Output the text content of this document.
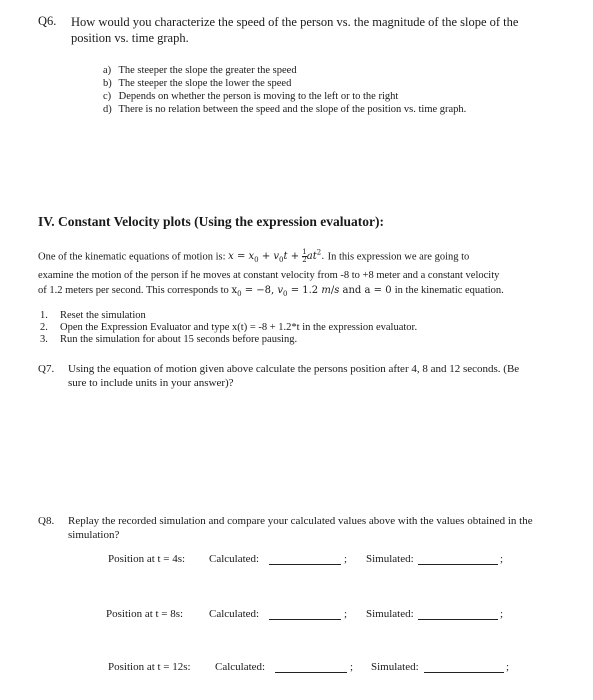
Q6. How would you characterize the speed of the person vs. the magnitude of the slope of the
position vs. time graph.
a) The steeper the slope the greater the speed
b) The steeper the slope the lower the speed
c) Depends on whether the person is moving to the left or to the right
d) There is no relation between the speed and the slope of the position vs. time graph.
IV. Constant Velocity plots (Using the expression evaluator):
One of the kinematic equations of motion is: $x = x_0 + v_0t + \frac{1}{2} at^2$. In this expression we are going to
examine the motion of the person if he moves at constant velocity from -8 to +8 meter and a constant velocity
of 1.2 meters per second. This corresponds to $x_0 = -8$, $v_0 = 1.2$ m/s and a = 0 in the kinematic equation.
1. Reset the simulation
2. Open the Expression Evaluator and type x(t) = -8 + 1.2*t in the expression evaluator.
3. Run the simulation for about 15 seconds before pausing.
Q7. Using the equation of motion given above calculate the persons position after 4, 8 and 12 seconds. (Be
sure to include units in your answer)?
Q8. Replay the recorded simulation and compare your calculated values above with the values obtained in the
simulation?
Position at t = 4s: Calculated:	; Simulated:	;
Position at t = 8s: Calculated:	; Simulated:	;
Position at t = 12s: Calculated:	; Simulated:	;
